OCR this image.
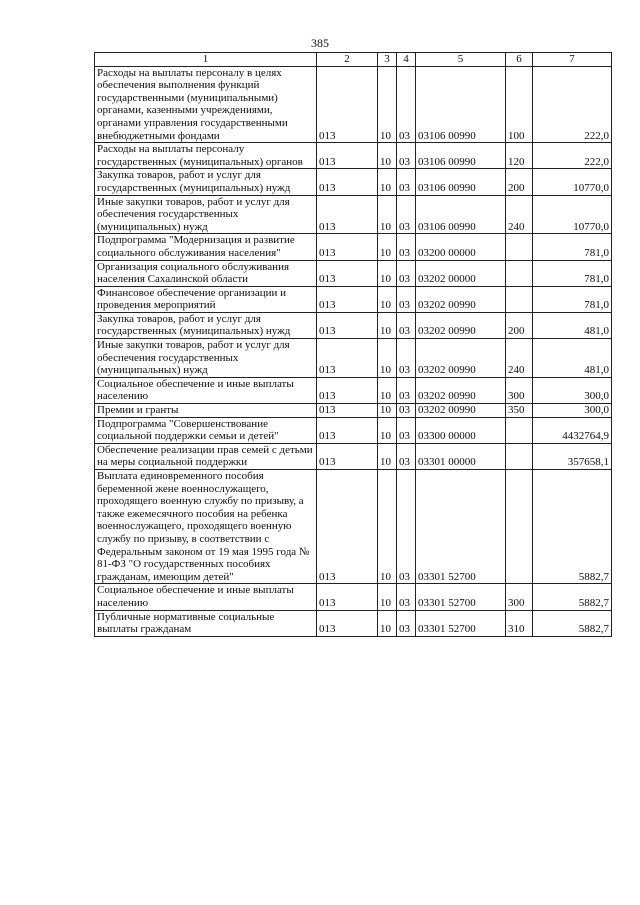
385
1	2	3	4	5	6	7
Расходы на выплаты персоналу в целях обеспечения выполнения функций государственными (муниципальными) органами, казенными учреждениями, органами управления государственными внебюджетными фондами	013	10	03	03106 00990	100	222,0
Расходы на выплаты персоналу государственных (муниципальных) органов	013	10	03	03106 00990	120	222,0
Закупка товаров, работ и услуг для государственных (муниципальных) нужд	013	10	03	03106 00990	200	10770,0
Иные закупки товаров, работ и услуг для обеспечения государственных (муниципальных) нужд	013	10	03	03106 00990	240	10770,0
Подпрограмма "Модернизация и развитие социального обслуживания населения"	013	10	03	03200 00000		781,0
Организация социального обслуживания населения Сахалинской области	013	10	03	03202 00000		781,0
Финансовое обеспечение организации и проведения мероприятий	013	10	03	03202 00990		781,0
Закупка товаров, работ и услуг для государственных (муниципальных) нужд	013	10	03	03202 00990	200	481,0
Иные закупки товаров, работ и услуг для обеспечения государственных (муниципальных) нужд	013	10	03	03202 00990	240	481,0
Социальное обеспечение и иные выплаты населению	013	10	03	03202 00990	300	300,0
Премии и гранты	013	10	03	03202 00990	350	300,0
Подпрограмма "Совершенствование социальной поддержки семьи и детей"	013	10	03	03300 00000		4432764,9
Обеспечение реализации прав семей с детьми на меры социальной поддержки	013	10	03	03301 00000		357658,1
Выплата единовременного пособия беременной жене военнослужащего, проходящего военную службу по призыву, а также ежемесячного пособия на ребенка военнослужащего, проходящего военную службу по призыву, в соответствии с Федеральным законом от 19 мая 1995 года № 81-ФЗ "О государственных пособиях гражданам, имеющим детей"	013	10	03	03301 52700		5882,7
Социальное обеспечение и иные выплаты населению	013	10	03	03301 52700	300	5882,7
Публичные нормативные социальные выплаты гражданам	013	10	03	03301 52700	310	5882,7
